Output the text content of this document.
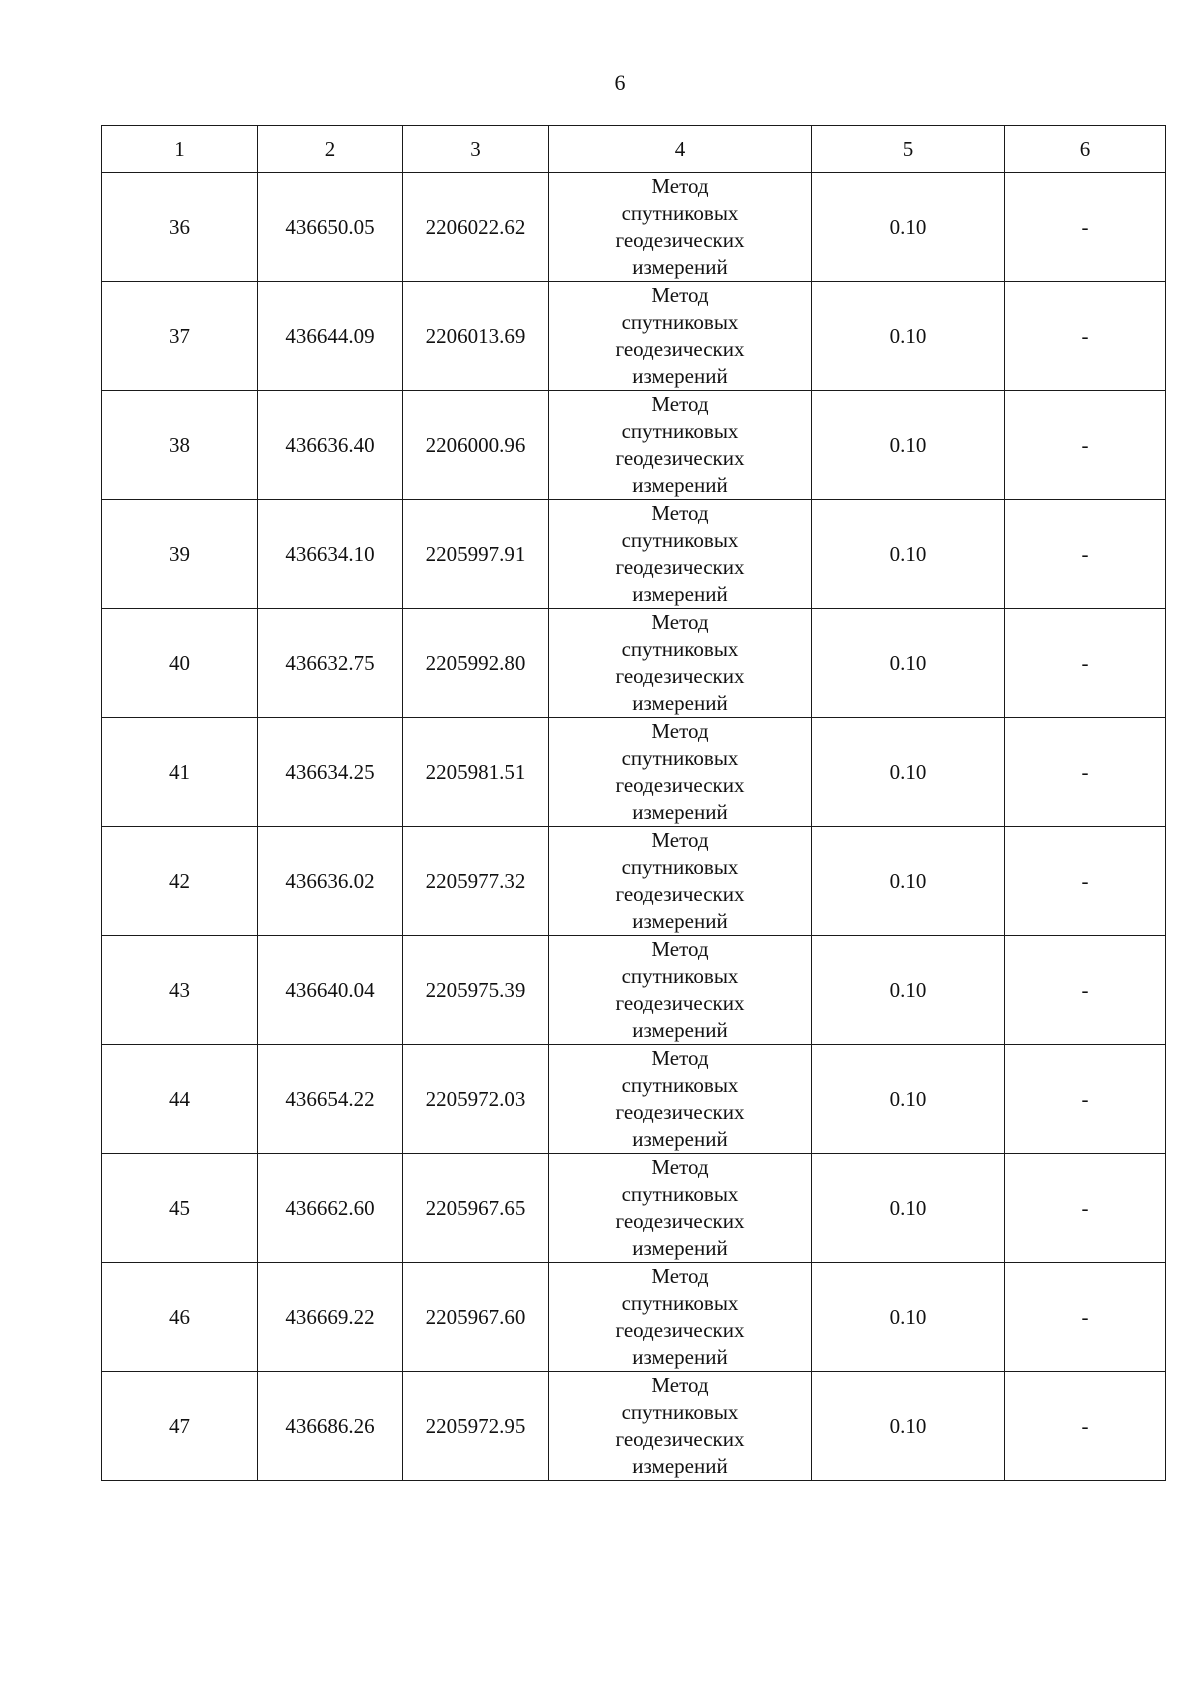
6
1	2	3	4	5	6
36	436650.05	2206022.62	Метод
спутниковых
геодезических
измерений	0.10	-
37	436644.09	2206013.69	Метод
спутниковых
геодезических
измерений	0.10	-
38	436636.40	2206000.96	Метод
спутниковых
геодезических
измерений	0.10	-
39	436634.10	2205997.91	Метод
спутниковых
геодезических
измерений	0.10	-
40	436632.75	2205992.80	Метод
спутниковых
геодезических
измерений	0.10	-
41	436634.25	2205981.51	Метод
спутниковых
геодезических
измерений	0.10	-
42	436636.02	2205977.32	Метод
спутниковых
геодезических
измерений	0.10	-
43	436640.04	2205975.39	Метод
спутниковых
геодезических
измерений	0.10	-
44	436654.22	2205972.03	Метод
спутниковых
геодезических
измерений	0.10	-
45	436662.60	2205967.65	Метод
спутниковых
геодезических
измерений	0.10	-
46	436669.22	2205967.60	Метод
спутниковых
геодезических
измерений	0.10	-
47	436686.26	2205972.95	Метод
спутниковых
геодезических
измерений	0.10	-
